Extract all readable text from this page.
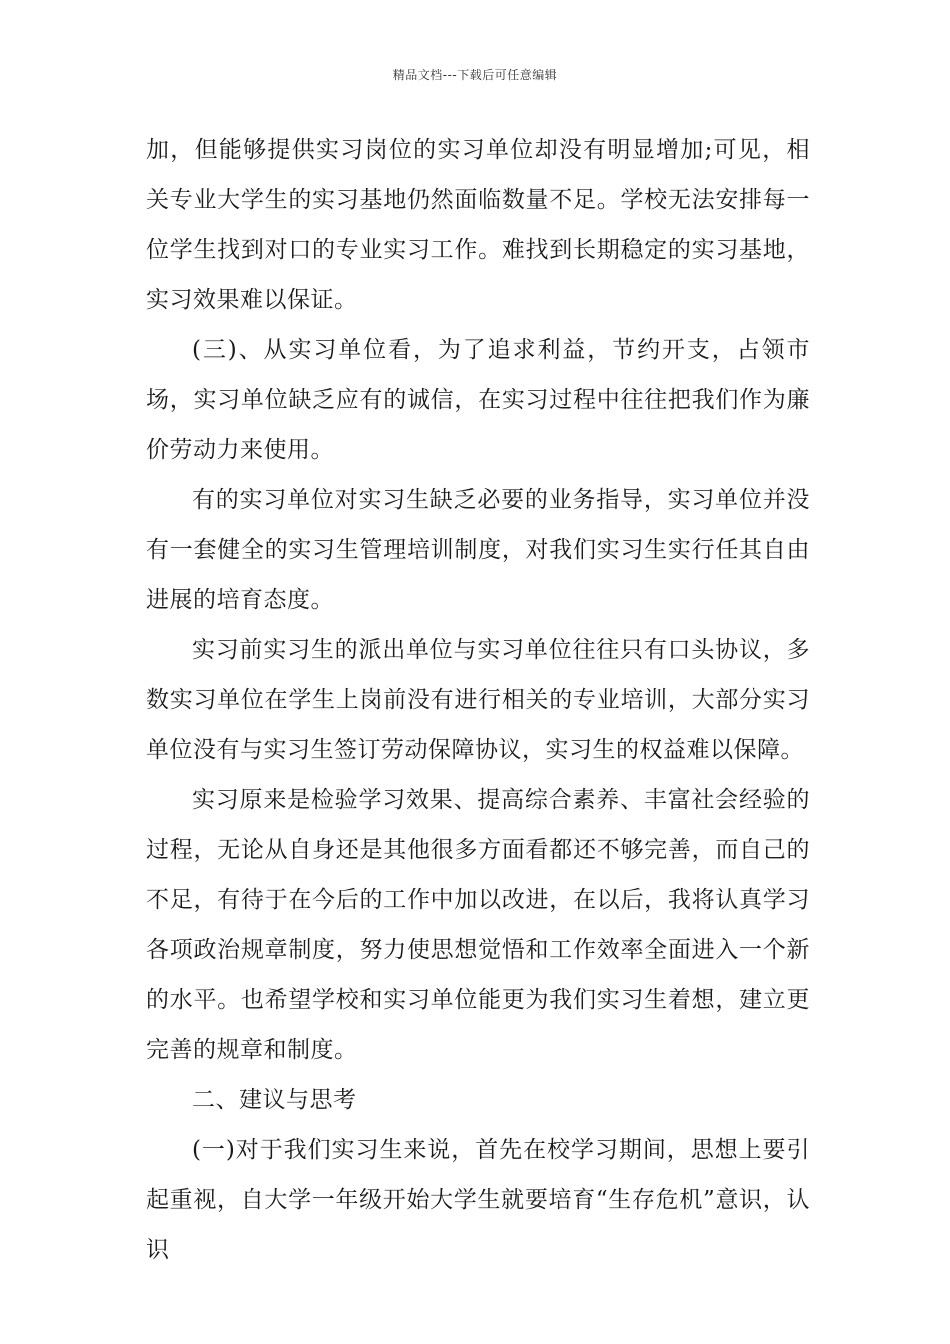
精品文档---下载后可任意编辑

加，但能够提供实习岗位的实习单位却没有明显增加;可见，相关专业大学生的实习基地仍然面临数量不足。学校无法安排每一位学生找到对口的专业实习工作。难找到长期稳定的实习基地，实习效果难以保证。

(三)、从实习单位看，为了追求利益，节约开支，占领市场，实习单位缺乏应有的诚信，在实习过程中往往把我们作为廉价劳动力来使用。

有的实习单位对实习生缺乏必要的业务指导，实习单位并没有一套健全的实习生管理培训制度，对我们实习生实行任其自由进展的培育态度。

实习前实习生的派出单位与实习单位往往只有口头协议，多数实习单位在学生上岗前没有进行相关的专业培训，大部分实习单位没有与实习生签订劳动保障协议，实习生的权益难以保障。

实习原来是检验学习效果、提高综合素养、丰富社会经验的过程，无论从自身还是其他很多方面看都还不够完善，而自己的不足，有待于在今后的工作中加以改进，在以后，我将认真学习各项政治规章制度，努力使思想觉悟和工作效率全面进入一个新的水平。也希望学校和实习单位能更为我们实习生着想，建立更完善的规章和制度。

二、建议与思考

(一)对于我们实习生来说，首先在校学习期间，思想上要引起重视，自大学一年级开始大学生就要培育“生存危机”意识，认识
